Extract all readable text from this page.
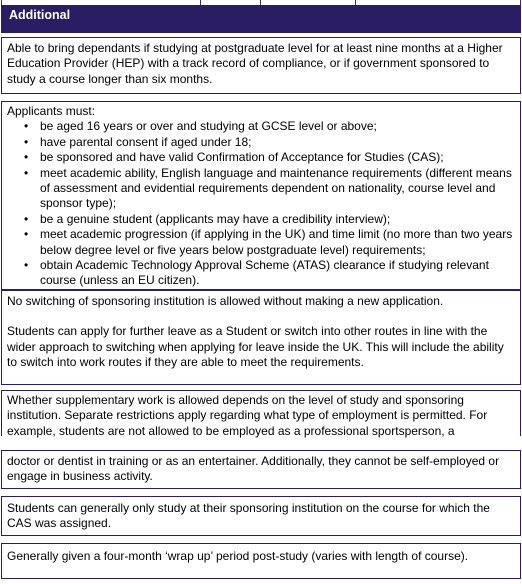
Additional

Able to bring dependants if studying at postgraduate level for at least nine months at a Higher Education Provider (HEP) with a track record of compliance, or if government sponsored to study a course longer than six months.

Applicants must:

• be aged 16 years or over and studying at GCSE level or above;
• have parental consent if aged under 18;
• be sponsored and have valid Confirmation of Acceptance for Studies (CAS);
• meet academic ability, English language and maintenance requirements (different means of assessment and evidential requirements dependent on nationality, course level and sponsor type);
• be a genuine student (applicants may have a credibility interview);
• meet academic progression (if applying in the UK) and time limit (no more than two years below degree level or five years below postgraduate level) requirements;
• obtain Academic Technology Approval Scheme (ATAS) clearance if studying relevant course (unless an EU citizen).

No switching of sponsoring institution is allowed without making a new application.

Students can apply for further leave as a Student or switch into other routes in line with the wider approach to switching when applying for leave inside the UK. This will include the ability to switch into work routes if they are able to meet the requirements.

Whether supplementary work is allowed depends on the level of study and sponsoring institution. Separate restrictions apply regarding what type of employment is permitted. For example, students are not allowed to be employed as a professional sportsperson, a

doctor or dentist in training or as an entertainer. Additionally, they cannot be self-employed or engage in business activity.

Students can generally only study at their sponsoring institution on the course for which the CAS was assigned.

Generally given a four-month ‘wrap up’ period post-study (varies with length of course).
